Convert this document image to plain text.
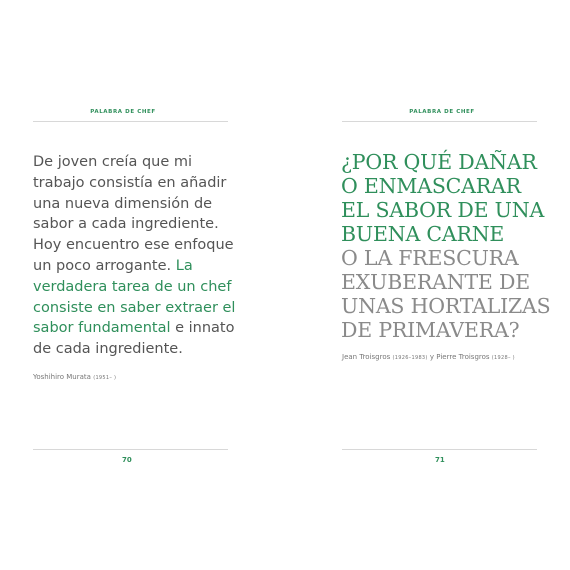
PALABRA DE CHEF
De joven creía que mi trabajo consistía en añadir una nueva dimensión de sabor a cada ingrediente. Hoy encuentro ese enfoque un poco arrogante. La verdadera tarea de un chef consiste en saber extraer el sabor fundamental e innato de cada ingrediente.
Yoshihiro Murata (1951– )
70
PALABRA DE CHEF
¿POR QUÉ DAÑAR O ENMASCARAR EL SABOR DE UNA BUENA CARNE
O LA FRESCURA EXUBERANTE DE UNAS HORTALIZAS DE PRIMAVERA?
Jean Troisgros (1926–1983) y Pierre Troisgros (1928– )
71
